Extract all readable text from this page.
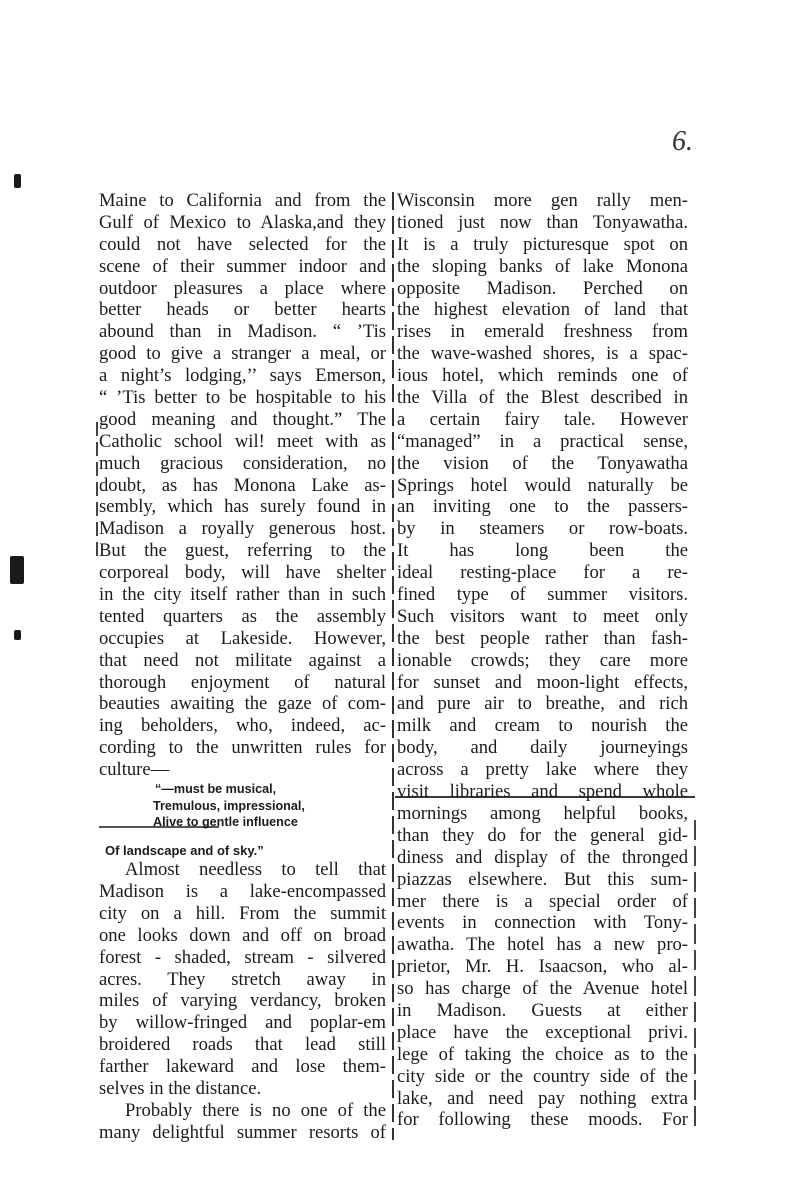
6.
Maine to California and from the
Gulf of Mexico to Alaska,and they
could not have selected for the
scene of their summer indoor and
outdoor pleasures a place where
better heads or better hearts
abound than in Madison. “ ’Tis
good to give a stranger a meal, or
a night’s lodging,’’ says Emerson,
“ ’Tis better to be hospitable to his
good meaning and thought.” The
Catholic school wil! meet with as
much gracious consideration, no
doubt, as has Monona Lake as-
sembly, which has surely found in
Madison a royally generous host.
But the guest, referring to the
corporeal body, will have shelter
in the city itself rather than in such
tented quarters as the assembly
occupies at Lakeside. However,
that need not militate against a
thorough enjoyment of natural
beauties awaiting the gaze of com-
ing beholders, who, indeed, ac-
cording to the unwritten rules for
culture—
“—must be musical,
Tremulous, impressional,
Alive to gentle influence
Of landscape and of sky.”
Almost needless to tell that
Madison is a lake-encompassed
city on a hill. From the summit
one looks down and off on broad
forest - shaded, stream - silvered
acres. They stretch away in
miles of varying verdancy, broken
by willow-fringed and poplar-em
broidered roads that lead still
farther lakeward and lose them-
selves in the distance.
Probably there is no one of the
many delightful summer resorts of
Wisconsin more gen rally men-
tioned just now than Tonyawatha.
It is a truly picturesque spot on
the sloping banks of lake Monona
opposite Madison. Perched on
the highest elevation of land that
rises in emerald freshness from
the wave-washed shores, is a spac-
ious hotel, which reminds one of
the Villa of the Blest described in
a certain fairy tale. However
“managed” in a practical sense,
the vision of the Tonyawatha
Springs hotel would naturally be
an inviting one to the passers-
by in steamers or row-boats.
It has long been the
ideal resting-place for a re-
fined type of summer visitors.
Such visitors want to meet only
the best people rather than fash-
ionable crowds; they care more
for sunset and moon-light effects,
and pure air to breathe, and rich
milk and cream to nourish the
body, and daily journeyings
across a pretty lake where they
visit libraries and spend whole
mornings among helpful books,
than they do for the general gid-
diness and display of the thronged
piazzas elsewhere. But this sum-
mer there is a special order of
events in connection with Tony-
awatha. The hotel has a new pro-
prietor, Mr. H. Isaacson, who al-
so has charge of the Avenue hotel
in Madison. Guests at either
place have the exceptional privi.
lege of taking the choice as to the
city side or the country side of the
lake, and need pay nothing extra
for following these moods. For
